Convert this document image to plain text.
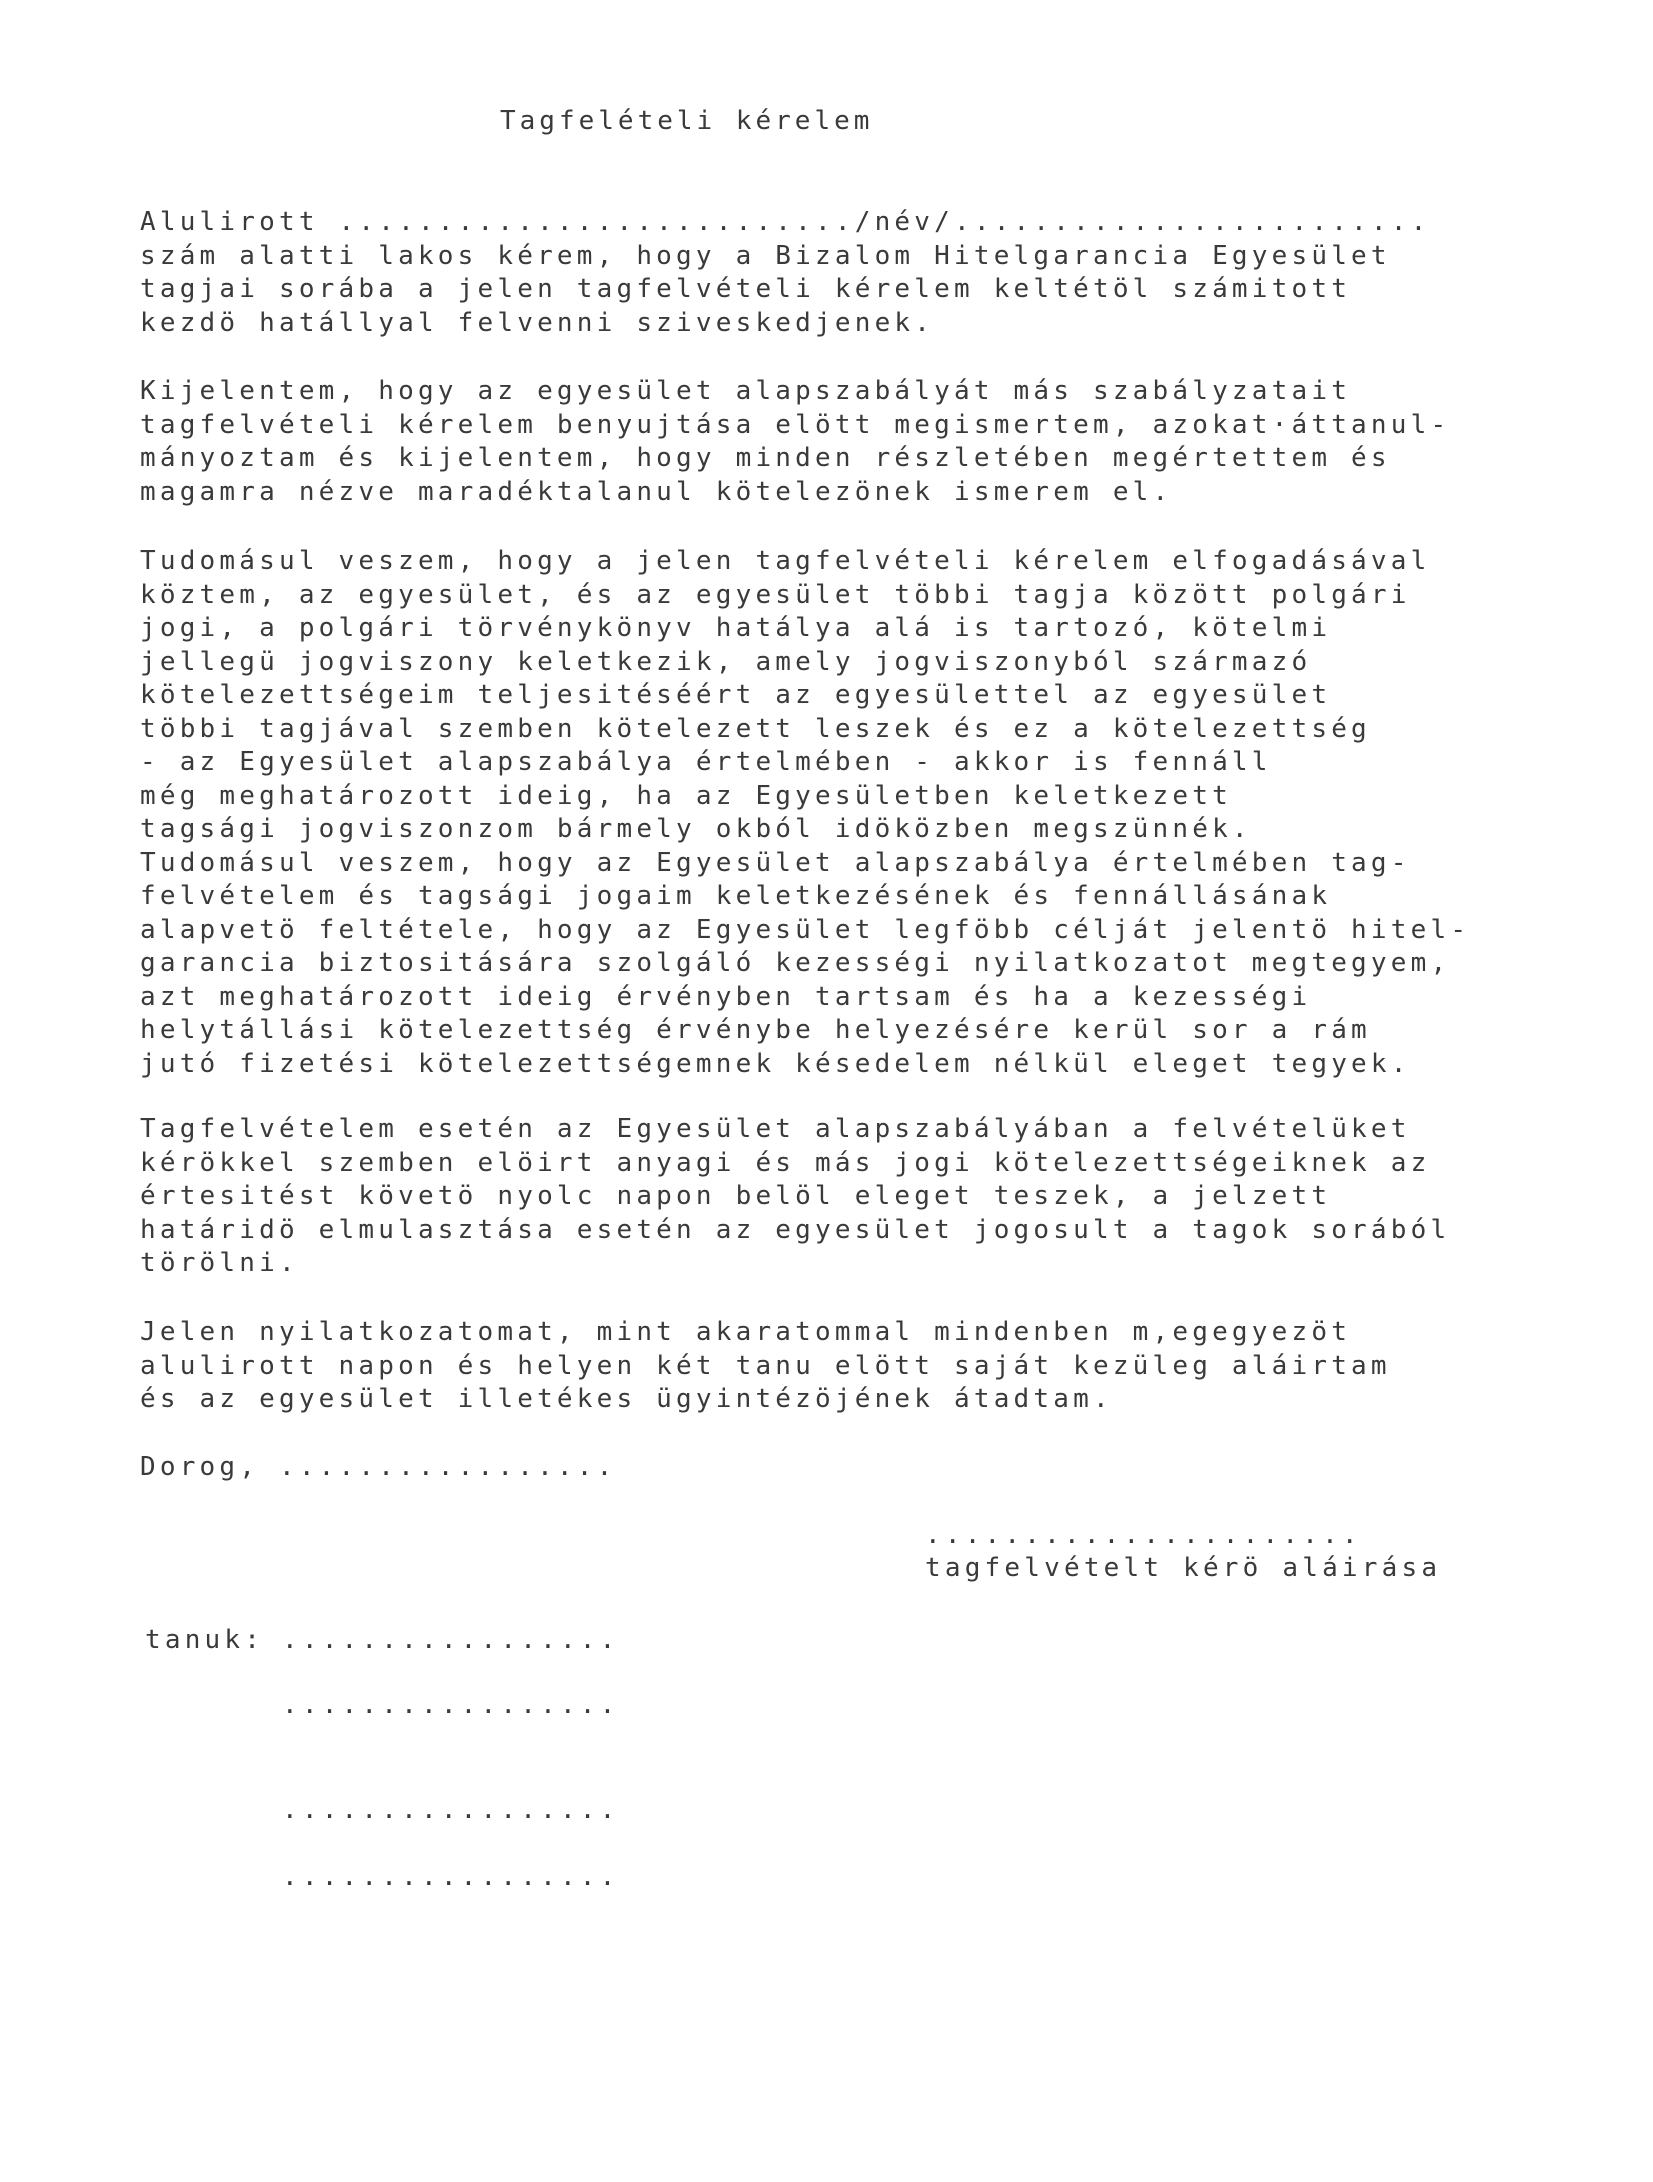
Tagfelételi kérelem
Alulirott ........................../név/........................
szám alatti lakos kérem, hogy a Bizalom Hitelgarancia Egyesület
tagjai sorába a jelen tagfelvételi kérelem keltétöl számitott
kezdö hatállyal felvenni sziveskedjenek.
Kijelentem, hogy az egyesület alapszabályát más szabályzatait
tagfelvételi kérelem benyujtása elött megismertem, azokat·áttanul-
mányoztam és kijelentem, hogy minden részletében megértettem és
magamra nézve maradéktalanul kötelezönek ismerem el.
Tudomásul veszem, hogy a jelen tagfelvételi kérelem elfogadásával
köztem, az egyesület, és az egyesület többi tagja között polgári
jogi, a polgári törvénykönyv hatálya alá is tartozó, kötelmi
jellegü jogviszony keletkezik, amely jogviszonyból származó
kötelezettségeim teljesitéséért az egyesülettel az egyesület
többi tagjával szemben kötelezett leszek és ez a kötelezettség
- az Egyesület alapszabálya értelmében - akkor is fennáll
még meghatározott ideig, ha az Egyesületben keletkezett
tagsági jogviszonzom bármely okból idöközben megszünnék.
Tudomásul veszem, hogy az Egyesület alapszabálya értelmében tag-
felvételem és tagsági jogaim keletkezésének és fennállásának
alapvetö feltétele, hogy az Egyesület legföbb célját jelentö hitel-
garancia biztositására szolgáló kezességi nyilatkozatot megtegyem,
azt meghatározott ideig érvényben tartsam és ha a kezességi
helytállási kötelezettség érvénybe helyezésére kerül sor a rám
jutó fizetési kötelezettségemnek késedelem nélkül eleget tegyek.
Tagfelvételem esetén az Egyesület alapszabályában a felvételüket
kérökkel szemben elöirt anyagi és más jogi kötelezettségeiknek az
értesitést követö nyolc napon belöl eleget teszek, a jelzett
határidö elmulasztása esetén az egyesület jogosult a tagok sorából
törölni.
Jelen nyilatkozatomat, mint akaratommal mindenben m,egegyezöt
alulirott napon és helyen két tanu elött saját kezüleg aláirtam
és az egyesület illetékes ügyintézöjének átadtam.
Dorog, .................
......................
tagfelvételt kérö aláirása
tanuk: .................
.................
.................
.................
